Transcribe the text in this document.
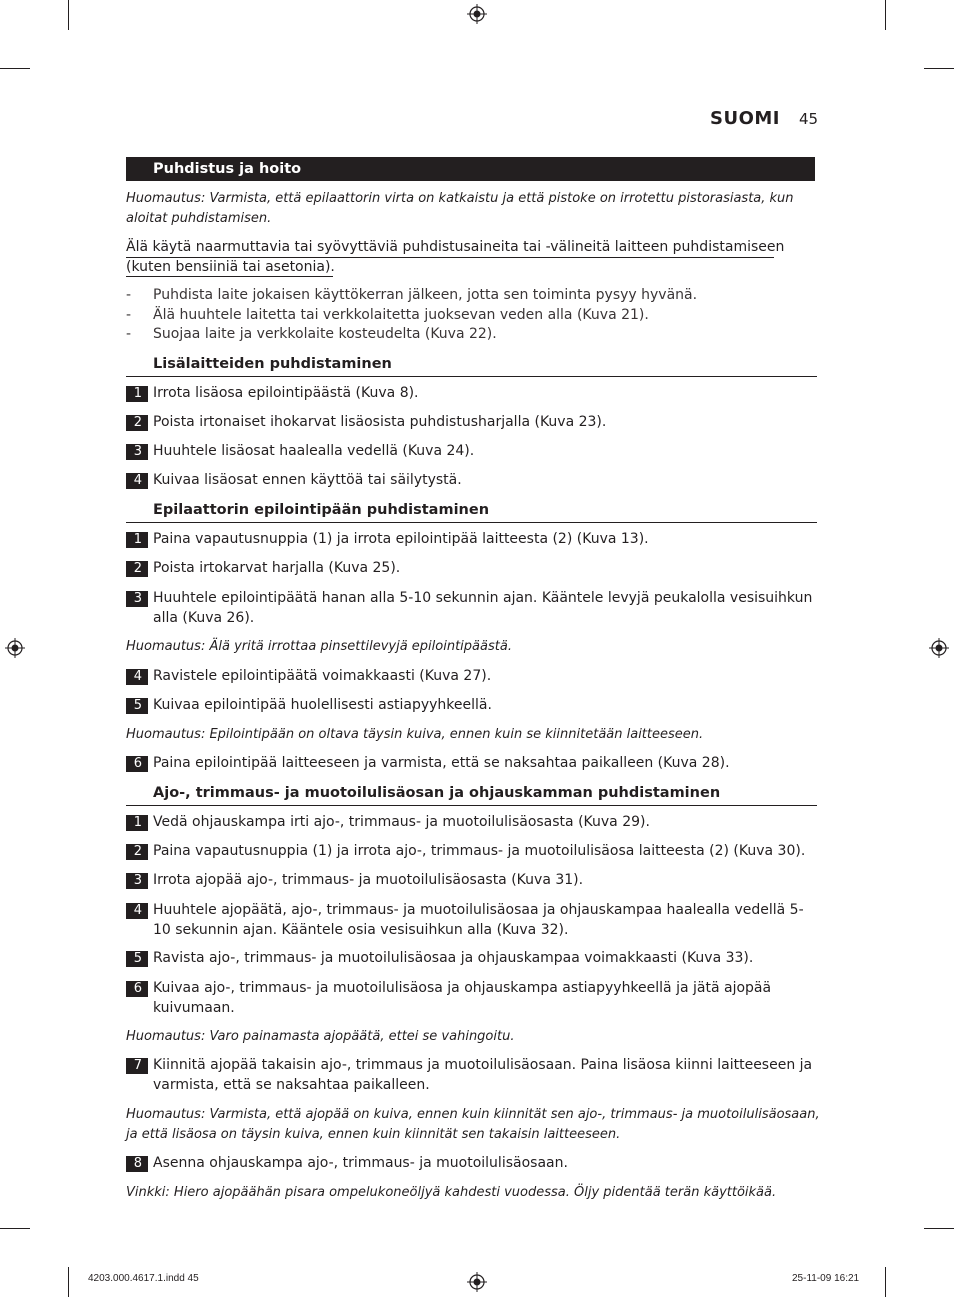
SUOMI 45
Puhdistus ja hoito
Huomautus: Varmista, että epilaattorin virta on katkaistu ja että pistoke on irrotettu pistorasiasta, kun
aloitat puhdistamisen.
Älä käytä naarmuttavia tai syövyttäviä puhdistusaineita tai -välineitä laitteen puhdistamiseen
(kuten bensiiniä tai asetonia).
- Puhdista laite jokaisen käyttökerran jälkeen, jotta sen toiminta pysyy hyvänä.
- Älä huuhtele laitetta tai verkkolaitetta juoksevan veden alla (Kuva 21).
- Suojaa laite ja verkkolaite kosteudelta (Kuva 22).
Lisälaitteiden puhdistaminen
1 Irrota lisäosa epilointipäästä (Kuva 8).
2 Poista irtonaiset ihokarvat lisäosista puhdistusharjalla (Kuva 23).
3 Huuhtele lisäosat haalealla vedellä (Kuva 24).
4 Kuivaa lisäosat ennen käyttöä tai säilytystä.
Epilaattorin epilointipään puhdistaminen
1 Paina vapautusnuppia (1) ja irrota epilointipää laitteesta (2) (Kuva 13).
2 Poista irtokarvat harjalla (Kuva 25).
3 Huuhtele epilointipäätä hanan alla 5-10 sekunnin ajan. Kääntele levyjä peukalolla vesisuihkun alla (Kuva 26).
Huomautus: Älä yritä irrottaa pinsettilevyjä epilointipäästä.
4 Ravistele epilointipäätä voimakkaasti (Kuva 27).
5 Kuivaa epilointipää huolellisesti astiapyyhkeellä.
Huomautus: Epilointipään on oltava täysin kuiva, ennen kuin se kiinnitetään laitteeseen.
6 Paina epilointipää laitteeseen ja varmista, että se naksahtaa paikalleen (Kuva 28).
Ajo-, trimmaus- ja muotoilulisäosan ja ohjauskamman puhdistaminen
1 Vedä ohjauskampa irti ajo-, trimmaus- ja muotoilulisäosasta (Kuva 29).
2 Paina vapautusnuppia (1) ja irrota ajo-, trimmaus- ja muotoilulisäosa laitteesta (2) (Kuva 30).
3 Irrota ajopää ajo-, trimmaus- ja muotoilulisäosasta (Kuva 31).
4 Huuhtele ajopäätä, ajo-, trimmaus- ja muotoilulisäosaa ja ohjauskampaa haalealla vedellä 5-10 sekunnin ajan. Kääntele osia vesisuihkun alla (Kuva 32).
5 Ravista ajo-, trimmaus- ja muotoilulisäosaa ja ohjauskampaa voimakkaasti (Kuva 33).
6 Kuivaa ajo-, trimmaus- ja muotoilulisäosa ja ohjauskampa astiapyyhkeellä ja jätä ajopää kuivumaan.
Huomautus: Varo painamasta ajopäätä, ettei se vahingoitu.
7 Kiinnitä ajopää takaisin ajo-, trimmaus ja muotoilulisäosaan. Paina lisäosa kiinni laitteeseen ja varmista, että se naksahtaa paikalleen.
Huomautus: Varmista, että ajopää on kuiva, ennen kuin kiinnität sen ajo-, trimmaus- ja muotoilulisäosaan,
ja että lisäosa on täysin kuiva, ennen kuin kiinnität sen takaisin laitteeseen.
8 Asenna ohjauskampa ajo-, trimmaus- ja muotoilulisäosaan.
Vinkki: Hiero ajopäähän pisara ompelukoneöljyä kahdesti vuodessa. Öljy pidentää terän käyttöikää.
4203.000.4617.1.indd 45	25-11-09 16:21
